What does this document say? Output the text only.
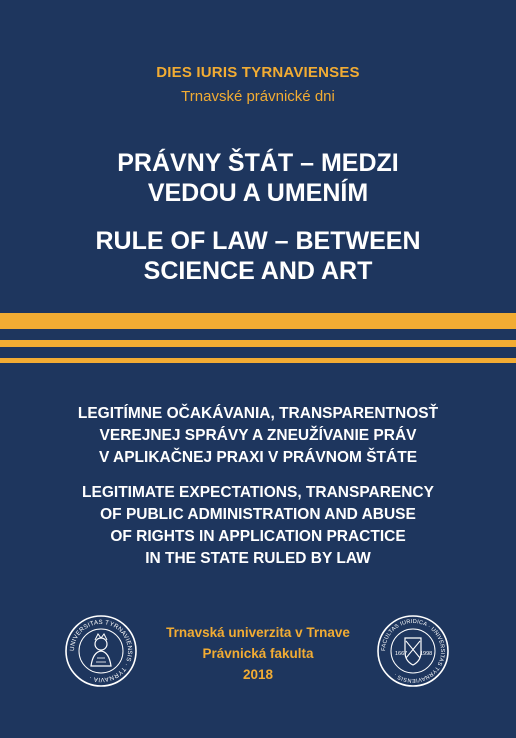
DIES IURIS TYRNAVIENSES
Trnavské právnické dni
PRÁVNY ŠTÁT – MEDZI
VEDOU A UMENÍM
RULE OF LAW – BETWEEN
SCIENCE AND ART
LEGITÍMNE OČAKÁVANIA, TRANSPARENTNOSŤ
VEREJNEJ SPRÁVY A ZNEUŽÍVANIE PRÁV
V APLIKAČNEJ PRAXI V PRÁVNOM ŠTÁTE
LEGITIMATE EXPECTATIONS, TRANSPARENCY
OF PUBLIC ADMINISTRATION AND ABUSE
OF RIGHTS IN APPLICATION PRACTICE
IN THE STATE RULED BY LAW
UNIVERSITAS TYRNAVIENSIS · TYRNAVIA ·
Trnavská univerzita v Trnave
Právnická fakulta
2018
FACULTAS IURIDICA · UNIVERSITAS TYRNAVIENSIS ·
1667 1998
